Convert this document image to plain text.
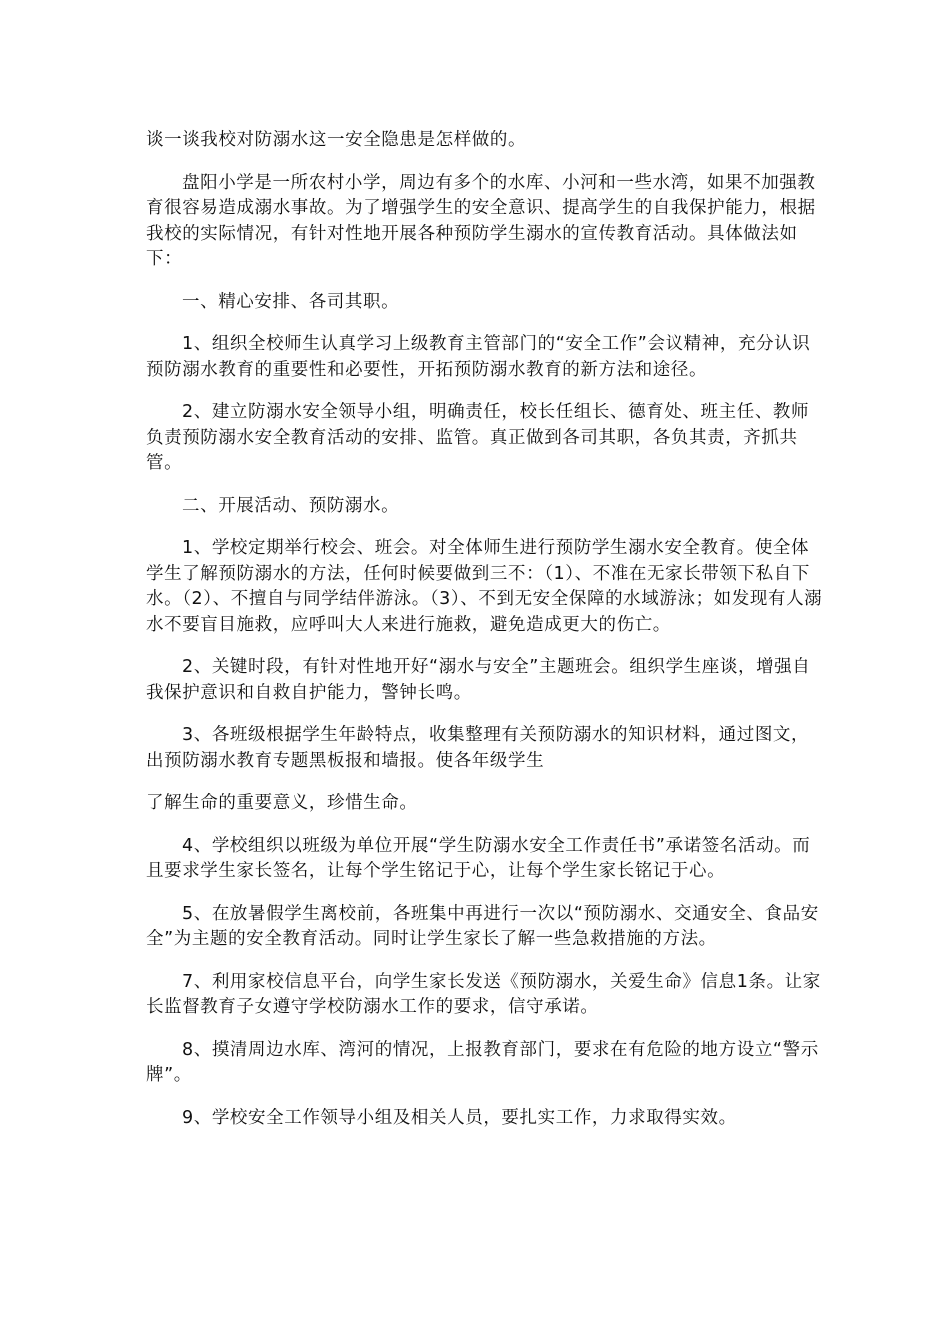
谈一谈我校对防溺水这一安全隐患是怎样做的。

盘阳小学是一所农村小学，周边有多个的水库、小河和一些水湾，如果不加强教育很容易造成溺水事故。为了增强学生的安全意识、提高学生的自我保护能力，根据我校的实际情况，有针对性地开展各种预防学生溺水的宣传教育活动。具体做法如下：

一、精心安排、各司其职。

1、组织全校师生认真学习上级教育主管部门的“安全工作”会议精神，充分认识预防溺水教育的重要性和必要性，开拓预防溺水教育的新方法和途径。

2、建立防溺水安全领导小组，明确责任，校长任组长、德育处、班主任、教师负责预防溺水安全教育活动的安排、监管。真正做到各司其职，各负其责，齐抓共管。

二、开展活动、预防溺水。

1、学校定期举行校会、班会。对全体师生进行预防学生溺水安全教育。使全体学生了解预防溺水的方法，任何时候要做到三不：（1）、不准在无家长带领下私自下水。（2）、不擅自与同学结伴游泳。（3）、不到无安全保障的水域游泳；如发现有人溺水不要盲目施救，应呼叫大人来进行施救，避免造成更大的伤亡。

2、关键时段，有针对性地开好“溺水与安全”主题班会。组织学生座谈，增强自我保护意识和自救自护能力，警钟长鸣。

3、各班级根据学生年龄特点，收集整理有关预防溺水的知识材料，通过图文，出预防溺水教育专题黑板报和墙报。使各年级学生

了解生命的重要意义，珍惜生命。

4、学校组织以班级为单位开展“学生防溺水安全工作责任书”承诺签名活动。而且要求学生家长签名，让每个学生铭记于心，让每个学生家长铭记于心。

5、在放暑假学生离校前，各班集中再进行一次以“预防溺水、交通安全、食品安全”为主题的安全教育活动。同时让学生家长了解一些急救措施的方法。

7、利用家校信息平台，向学生家长发送《预防溺水，关爱生命》信息1条。让家长监督教育子女遵守学校防溺水工作的要求，信守承诺。

8、摸清周边水库、湾河的情况，上报教育部门，要求在有危险的地方设立“警示牌”。

9、学校安全工作领导小组及相关人员，要扎实工作，力求取得实效。
